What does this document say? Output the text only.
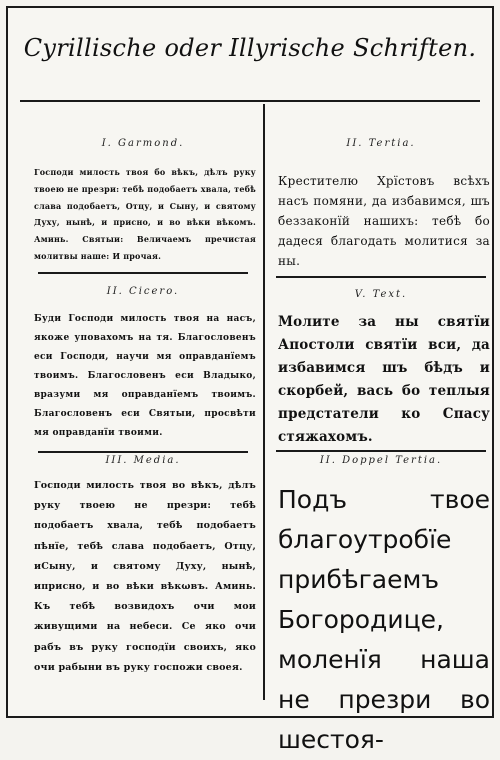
Cyrillische oder Illyrische Schriften.
I. Garmond.
Господи милость твоя бо вѣкъ, дѣлъ руку твоею не презри: тебѣ подобаетъ хвала, тебѣ слава подобаетъ, Отцу, и Сыну, и святому Духу, нынѣ, и присно, и во вѣки вѣкомъ. Аминь. Святыи: Величаемъ пречистая молитвы наше: И прочая.
II. Cicero.
Буди Господи милость твоя на насъ, якоже уповахомъ на тя. Благословенъ еси Господи, научи мя оправданїемъ твоимъ. Благословенъ еси Владыко, вразуми мя оправданїемъ твоимъ. Благословенъ еси Святыи, просвѣти мя оправданїи твоими.
III. Media.
Господи милость твоя во вѣкъ, дѣлъ руку твоею не презри: тебѣ подобаетъ хвала, тебѣ подобаетъ пѣнїе, тебѣ слава подобаетъ, Отцу, иСыну, и святому Духу, нынѣ, иприсно, и во вѣки вѣкωвъ. Аминь. Къ тебѣ возвидохъ очи мои живущими на небеси. Се яко очи рабъ въ руку господїи своихъ, яко очи рабыни въ руку госпожи своея.
II. Tertia.
Крестителю Хрїстовъ всѣхъ насъ помяни, да избавимся, шъ беззаконїй нашихъ: тебѣ бо дадеся благодать молитися за ны.
V. Text.
Молите за ны святїи Апостоли святїи вси, да избавимся шъ бѣдъ и скорбей, вась бо теплыя предстатели ко Спасу стяжахомъ.
II. Doppel Tertia.
Подъ твое благоутробїе прибѣгаемъ Богородице, моленїя наша не презри во шестоя-
